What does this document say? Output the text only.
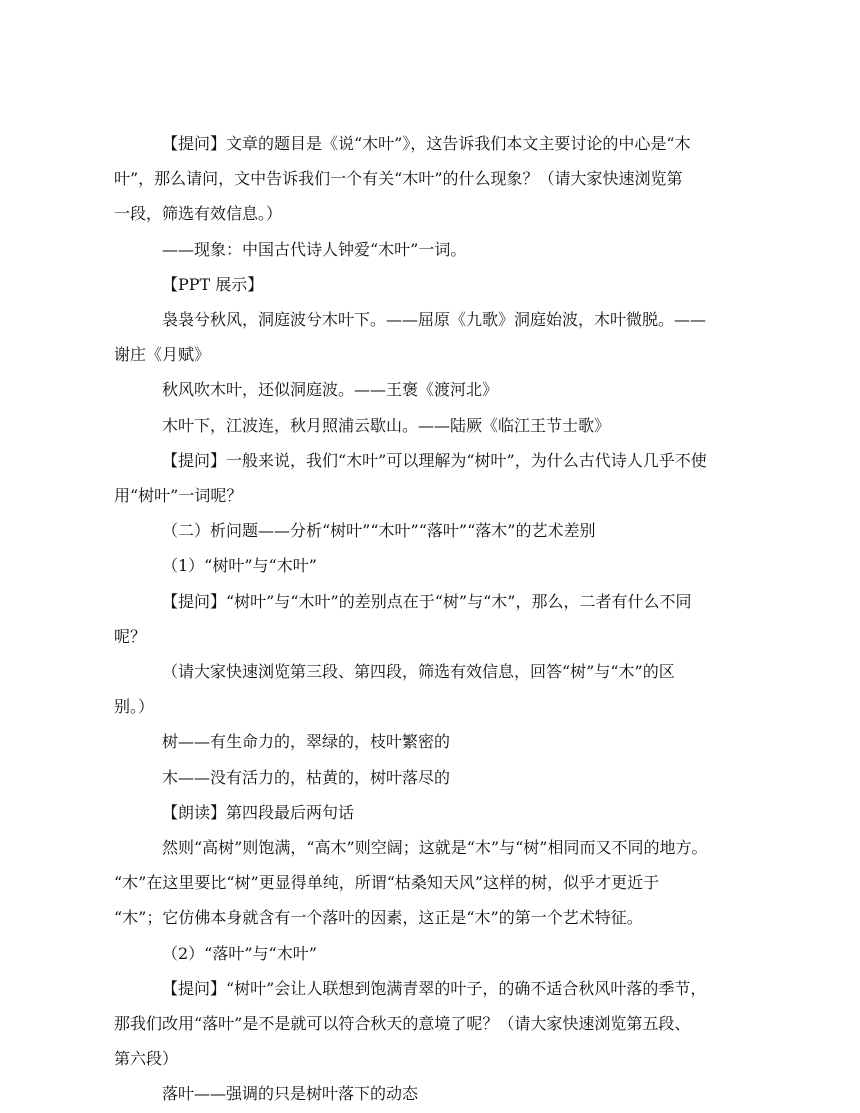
【提问】文章的题目是《说“木叶”》，这告诉我们本文主要讨论的中心是“木
叶”，那么请问，文中告诉我们一个有关“木叶”的什么现象？（请大家快速浏览第
一段，筛选有效信息。）
——现象：中国古代诗人钟爱“木叶”一词。
【PPT 展示】
袅袅兮秋风，洞庭波兮木叶下。——屈原《九歌》洞庭始波，木叶微脱。——
谢庄《月赋》
秋风吹木叶，还似洞庭波。——王褒《渡河北》
木叶下，江波连，秋月照浦云歇山。——陆厥《临江王节士歌》
【提问】一般来说，我们“木叶”可以理解为“树叶”，为什么古代诗人几乎不使
用“树叶”一词呢？
（二）析问题——分析“树叶”“木叶”“落叶”“落木”的艺术差别
（1）“树叶”与“木叶”
【提问】“树叶”与“木叶”的差别点在于“树”与“木”，那么，二者有什么不同
呢？
（请大家快速浏览第三段、第四段，筛选有效信息，回答“树”与“木”的区
别。）
树——有生命力的，翠绿的，枝叶繁密的
木——没有活力的，枯黄的，树叶落尽的
【朗读】第四段最后两句话
然则“高树”则饱满，“高木”则空阔；这就是“木”与“树”相同而又不同的地方。
“木”在这里要比“树”更显得单纯，所谓“枯桑知天风”这样的树，似乎才更近于
“木”；它仿佛本身就含有一个落叶的因素，这正是“木”的第一个艺术特征。
（2）“落叶”与“木叶”
【提问】“树叶”会让人联想到饱满青翠的叶子，的确不适合秋风叶落的季节，
那我们改用“落叶”是不是就可以符合秋天的意境了呢？（请大家快速浏览第五段、
第六段）
落叶——强调的只是树叶落下的动态
